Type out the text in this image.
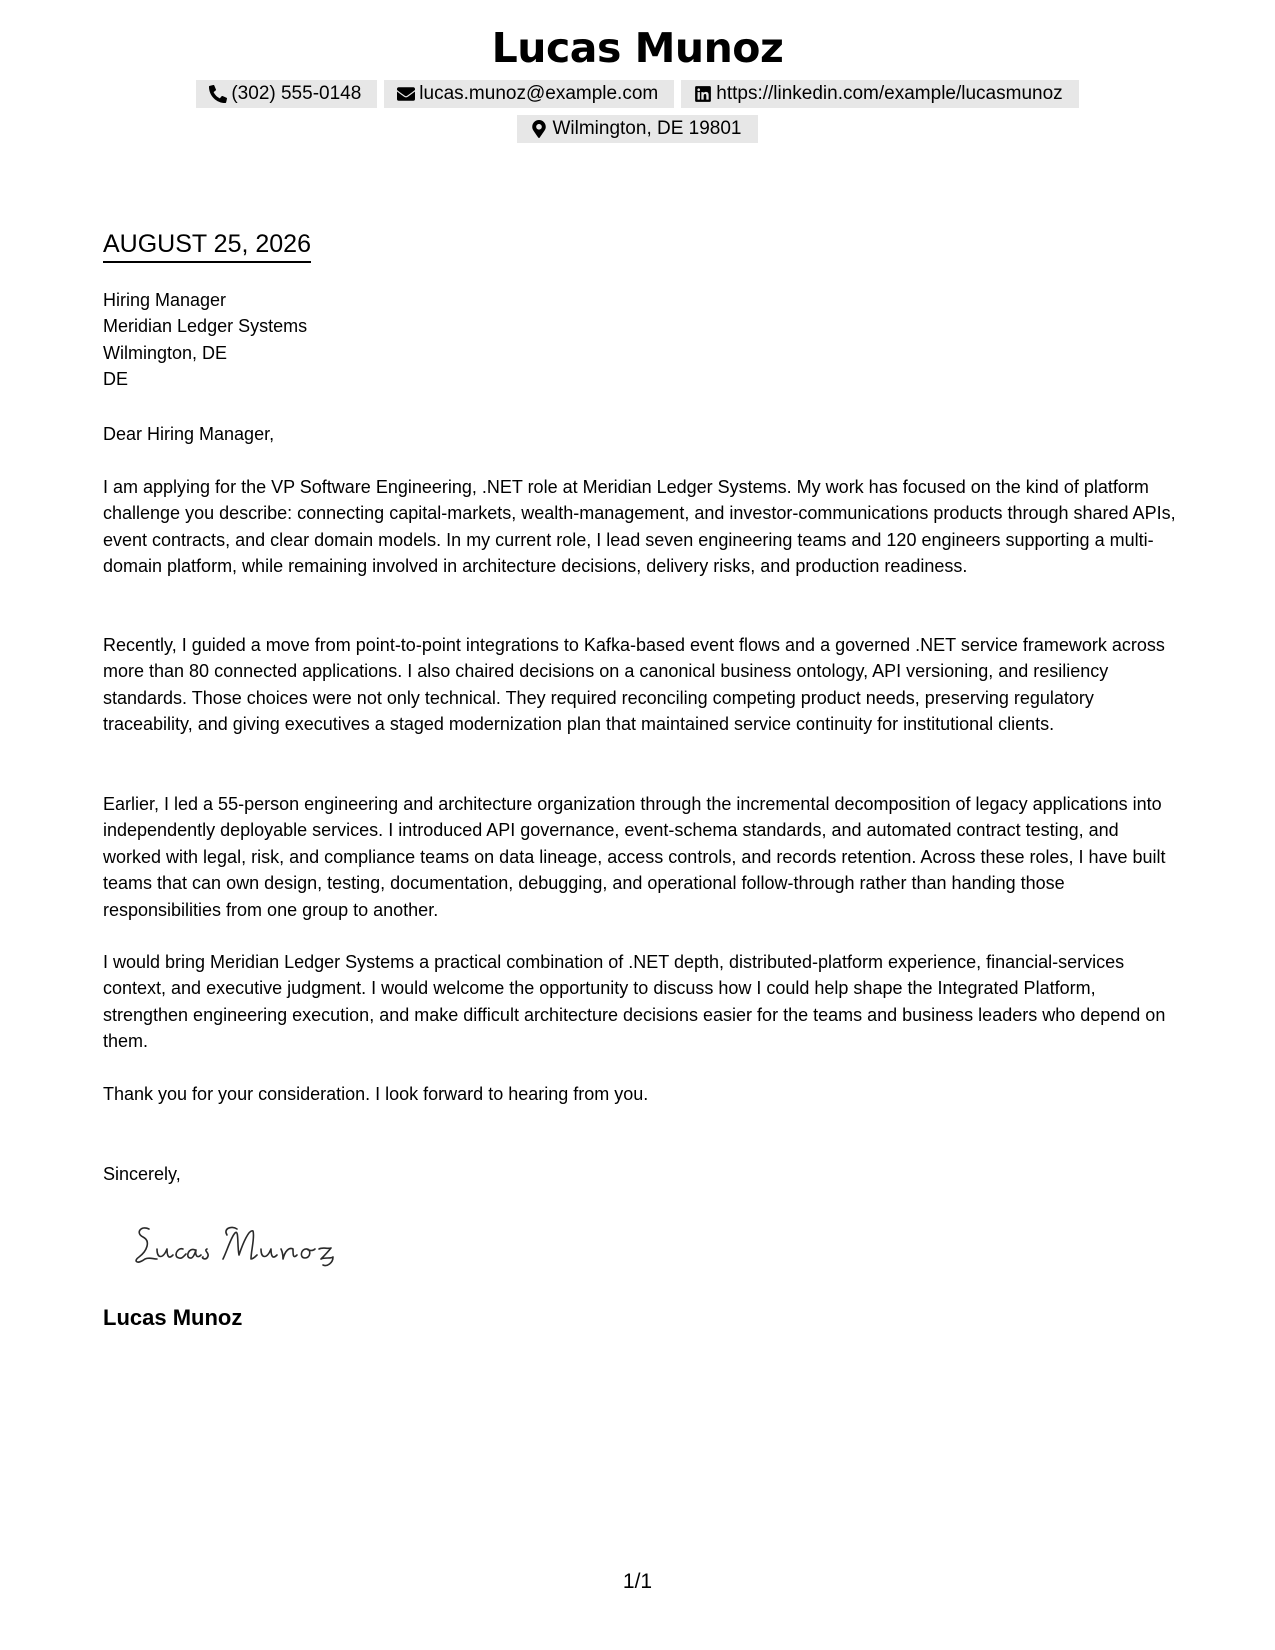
Lucas Munoz
(302) 555-0148	lucas.munoz@example.com	https://linkedin.com/example/lucasmunoz
Wilmington, DE 19801
AUGUST 25, 2026
Hiring Manager
Meridian Ledger Systems
Wilmington, DE
DE
Dear Hiring Manager,
I am applying for the VP Software Engineering, .NET role at Meridian Ledger Systems. My work has focused on the kind of platform challenge you describe: connecting capital-markets, wealth-management, and investor-communications products through shared APIs, event contracts, and clear domain models. In my current role, I lead seven engineering teams and 120 engineers supporting a multi-domain platform, while remaining involved in architecture decisions, delivery risks, and production readiness.
Recently, I guided a move from point-to-point integrations to Kafka-based event flows and a governed .NET service framework across more than 80 connected applications. I also chaired decisions on a canonical business ontology, API versioning, and resiliency standards. Those choices were not only technical. They required reconciling competing product needs, preserving regulatory traceability, and giving executives a staged modernization plan that maintained service continuity for institutional clients.
Earlier, I led a 55-person engineering and architecture organization through the incremental decomposition of legacy applications into independently deployable services. I introduced API governance, event-schema standards, and automated contract testing, and worked with legal, risk, and compliance teams on data lineage, access controls, and records retention. Across these roles, I have built teams that can own design, testing, documentation, debugging, and operational follow-through rather than handing those responsibilities from one group to another.
I would bring Meridian Ledger Systems a practical combination of .NET depth, distributed-platform experience, financial-services context, and executive judgment. I would welcome the opportunity to discuss how I could help shape the Integrated Platform, strengthen engineering execution, and make difficult architecture decisions easier for the teams and business leaders who depend on them.
Thank you for your consideration. I look forward to hearing from you.
Sincerely,
Lucas Munoz
1/1
